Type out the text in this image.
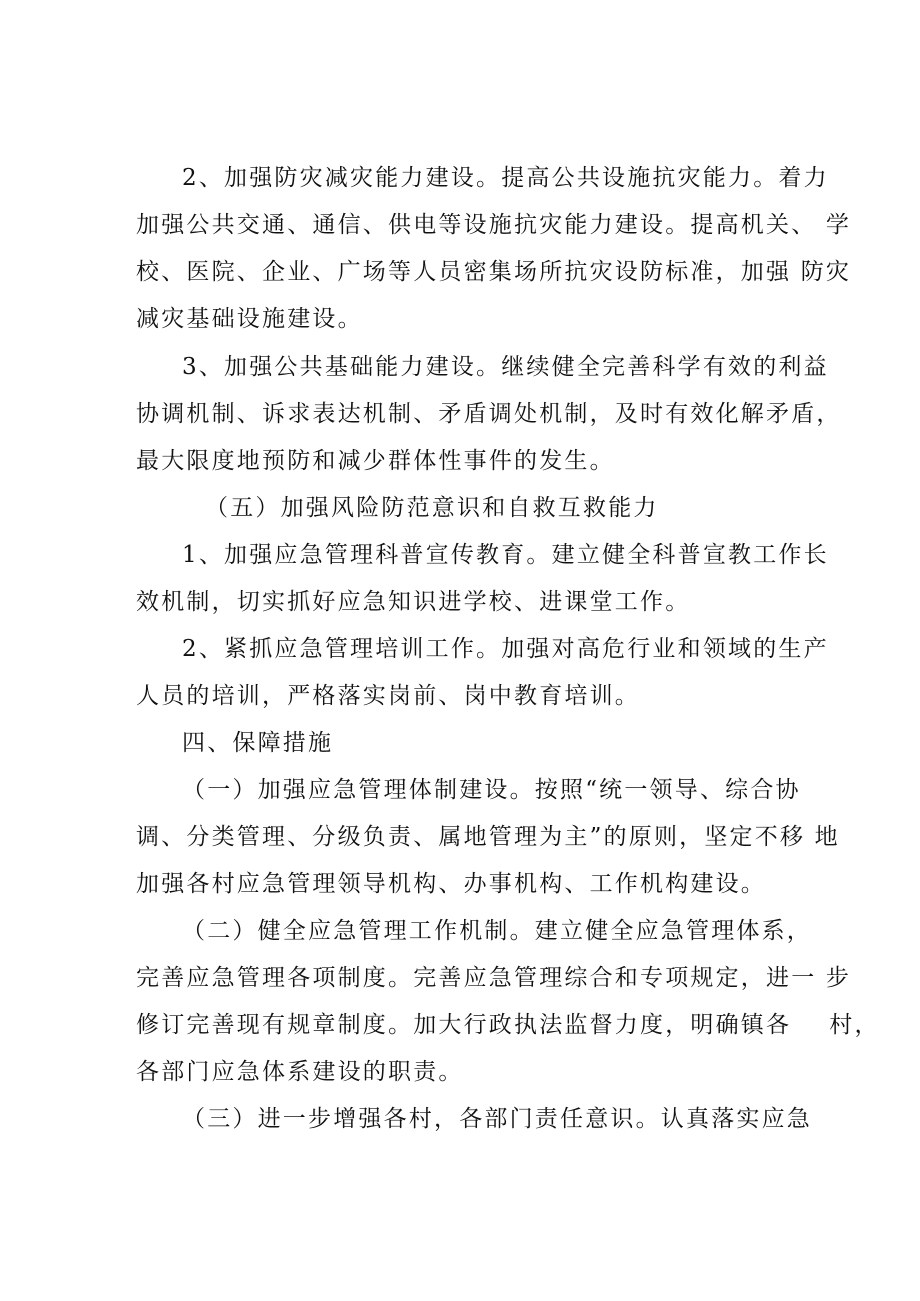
2、加强防灾减灾能力建设。提高公共设施抗灾能力。着力
加强公共交通、通信、供电等设施抗灾能力建设。提高机关、 学
校、医院、企业、广场等人员密集场所抗灾设防标准，加强 防灾
减灾基础设施建设。
3、加强公共基础能力建设。继续健全完善科学有效的利益
协调机制、诉求表达机制、矛盾调处机制，及时有效化解矛盾，
最大限度地预防和减少群体性事件的发生。
（五）加强风险防范意识和自救互救能力
1、加强应急管理科普宣传教育。建立健全科普宣教工作长
效机制，切实抓好应急知识进学校、进课堂工作。
2、紧抓应急管理培训工作。加强对高危行业和领域的生产
人员的培训，严格落实岗前、岗中教育培训。
四、保障措施
（一）加强应急管理体制建设。按照“统一领导、综合协
调、分类管理、分级负责、属地管理为主”的原则，坚定不移 地
加强各村应急管理领导机构、办事机构、工作机构建设。
（二）健全应急管理工作机制。建立健全应急管理体系，
完善应急管理各项制度。完善应急管理综合和专项规定，进一 步
修订完善现有规章制度。加大行政执法监督力度，明确镇各    村，
各部门应急体系建设的职责。
（三）进一步增强各村，各部门责任意识。认真落实应急
